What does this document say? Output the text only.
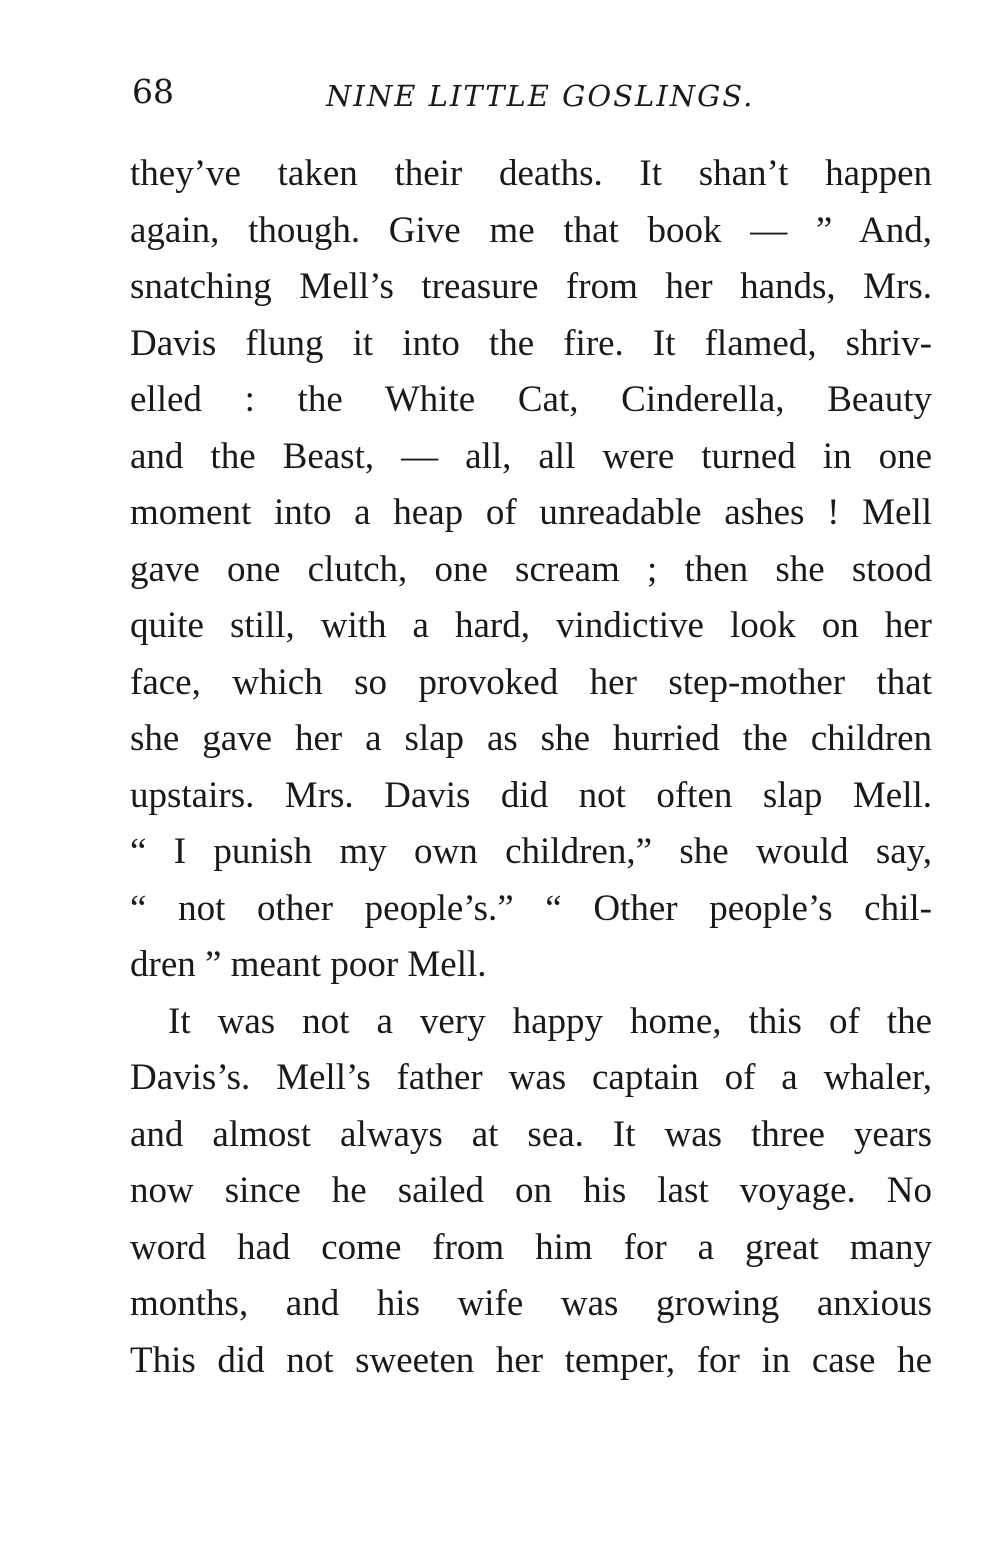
68	NINE LITTLE GOSLINGS.
they’ve taken their deaths. It shan’t happen
again, though. Give me that book — ” And,
snatching Mell’s treasure from her hands, Mrs.
Davis flung it into the fire. It flamed, shriv-
elled : the White Cat, Cinderella, Beauty
and the Beast, — all, all were turned in one
moment into a heap of unreadable ashes ! Mell
gave one clutch, one scream ; then she stood
quite still, with a hard, vindictive look on her
face, which so provoked her step-mother that
she gave her a slap as she hurried the children
upstairs. Mrs. Davis did not often slap Mell.
“ I punish my own children,” she would say,
“ not other people’s.” “ Other people’s chil-
dren ” meant poor Mell.
It was not a very happy home, this of the
Davis’s. Mell’s father was captain of a whaler,
and almost always at sea. It was three years
now since he sailed on his last voyage. No
word had come from him for a great many
months, and his wife was growing anxious
This did not sweeten her temper, for in case he
